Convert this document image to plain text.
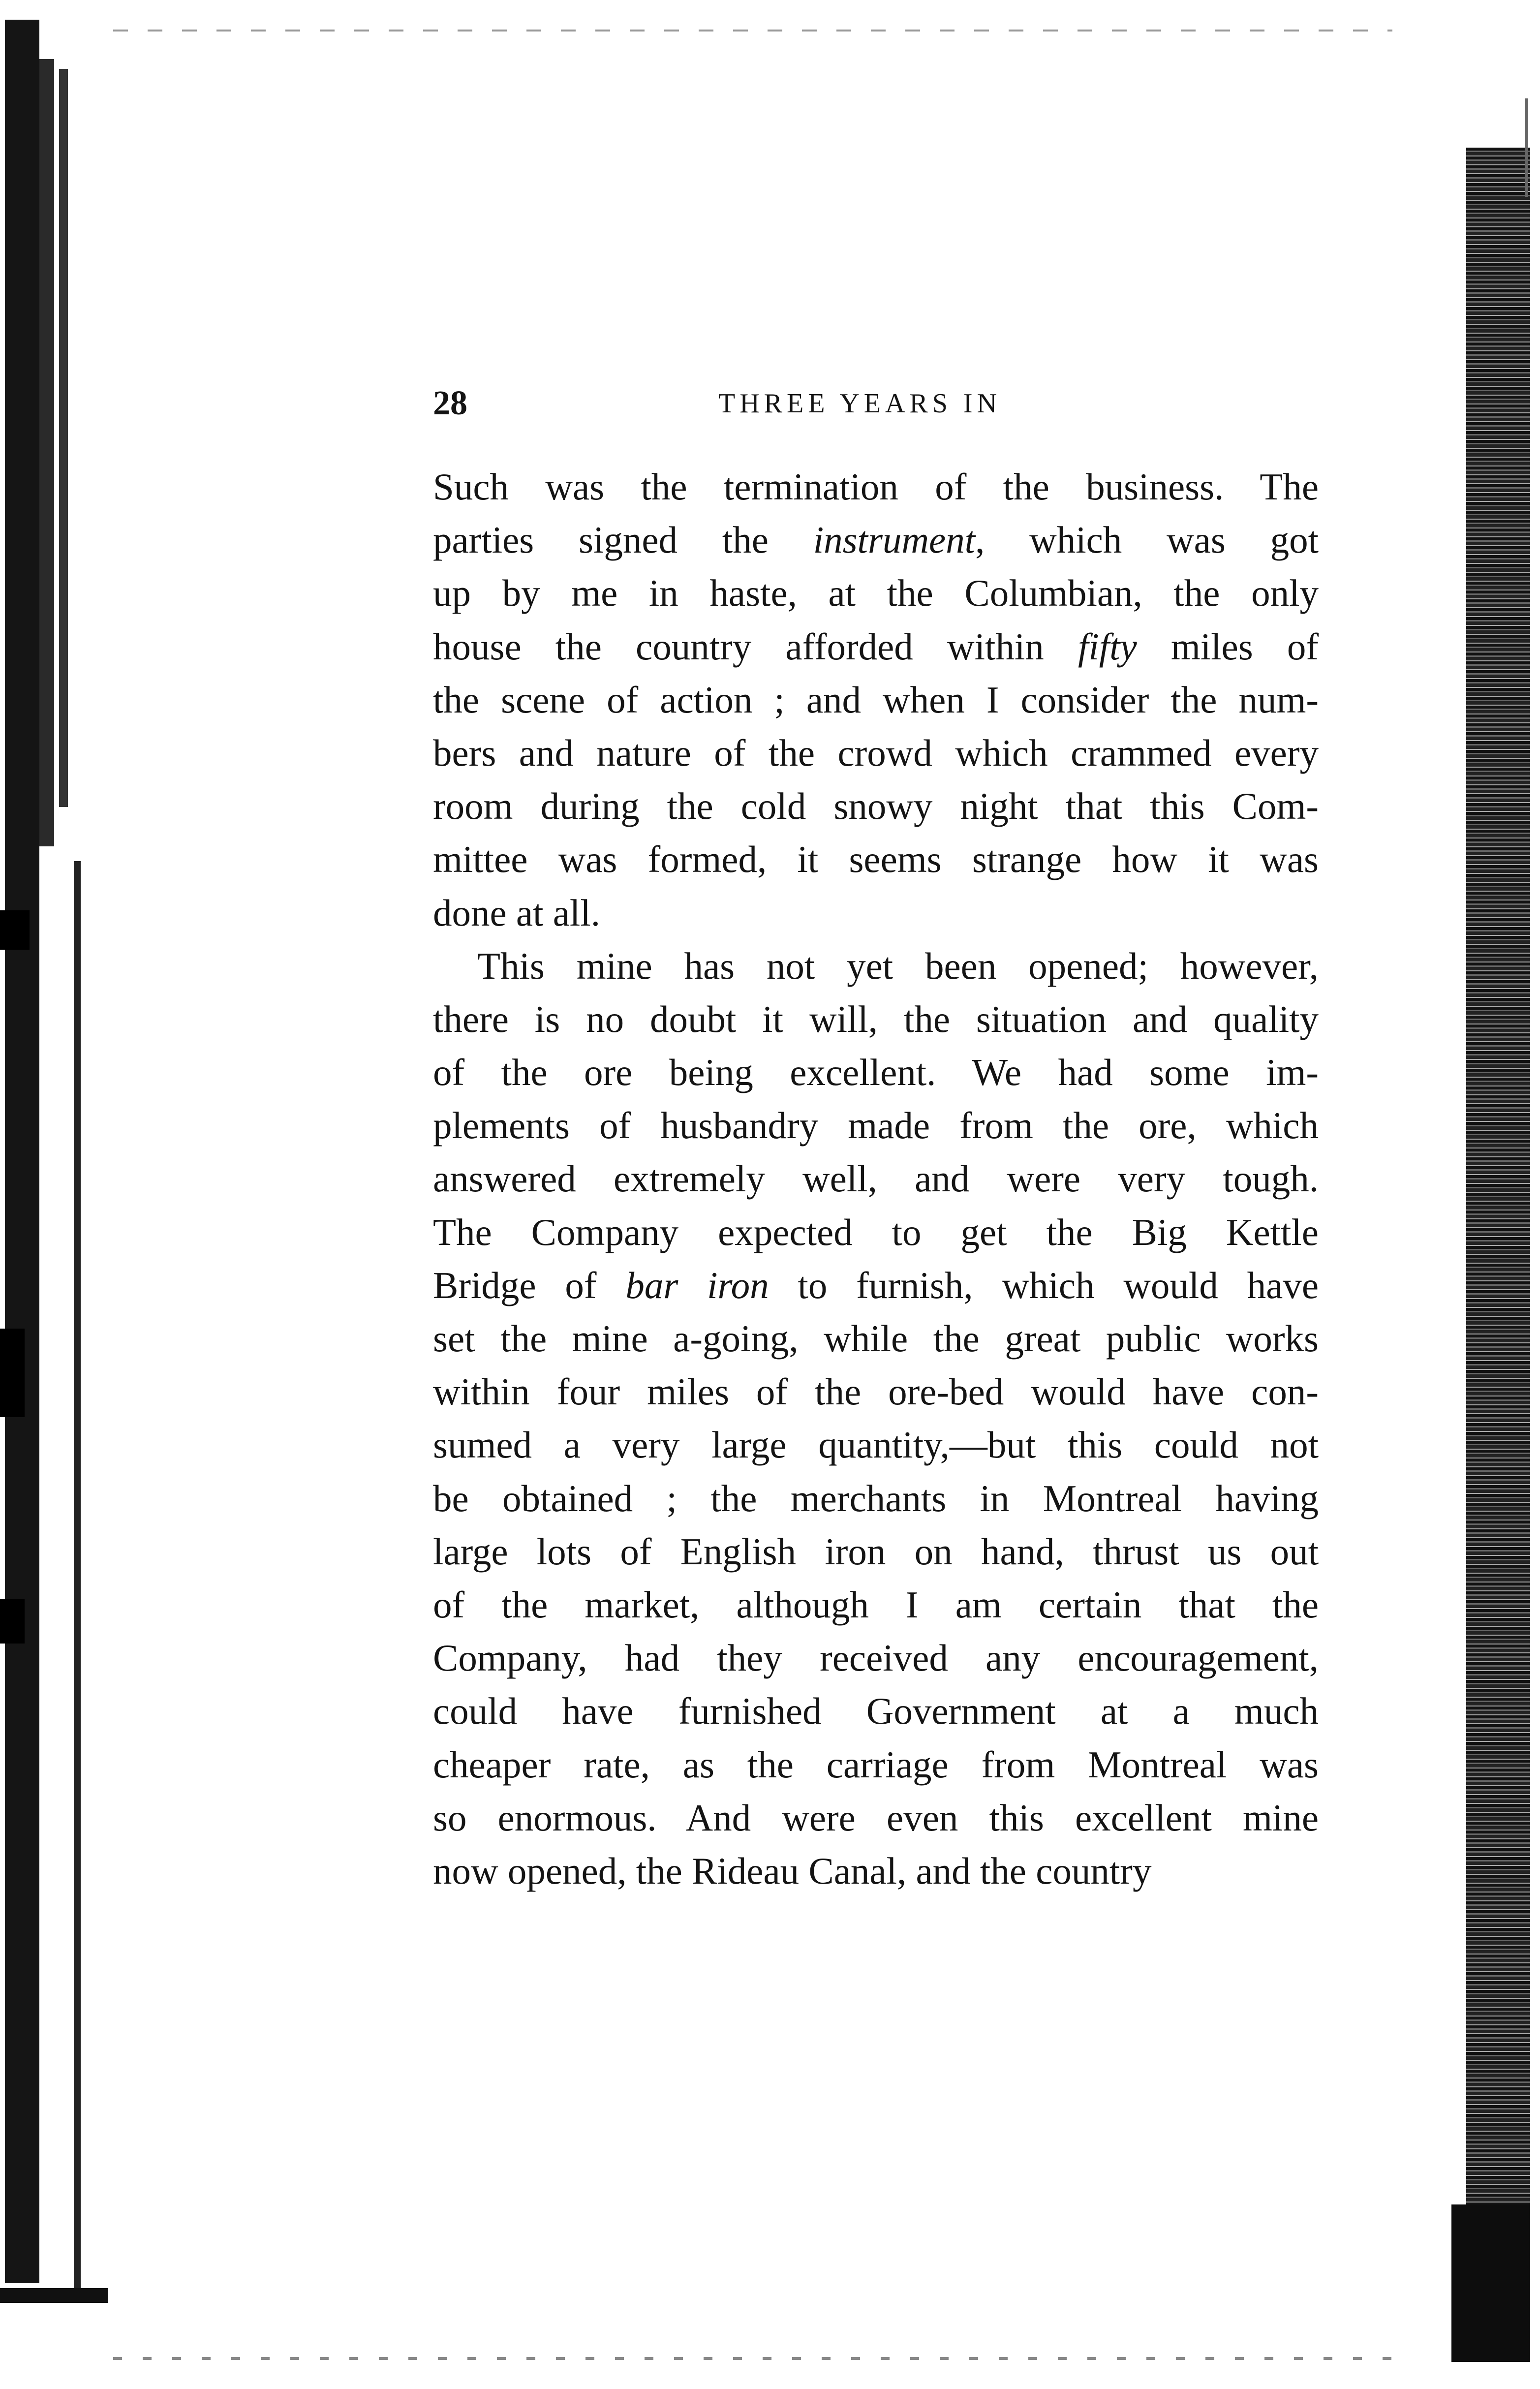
28	THREE YEARS IN
Such was the termination of the business. The
parties signed the instrument, which was got
up by me in haste, at the Columbian, the only
house the country afforded within fifty miles of
the scene of action ; and when I consider the num-
bers and nature of the crowd which crammed every
room during the cold snowy night that this Com-
mittee was formed, it seems strange how it was
done at all.
This mine has not yet been opened; however,
there is no doubt it will, the situation and quality
of the ore being excellent. We had some im-
plements of husbandry made from the ore, which
answered extremely well, and were very tough.
The Company expected to get the Big Kettle
Bridge of bar iron to furnish, which would have
set the mine a-going, while the great public works
within four miles of the ore-bed would have con-
sumed a very large quantity,—but this could not
be obtained ; the merchants in Montreal having
large lots of English iron on hand, thrust us out
of the market, although I am certain that the
Company, had they received any encouragement,
could have furnished Government at a much
cheaper rate, as the carriage from Montreal was
so enormous. And were even this excellent mine
now opened, the Rideau Canal, and the country
